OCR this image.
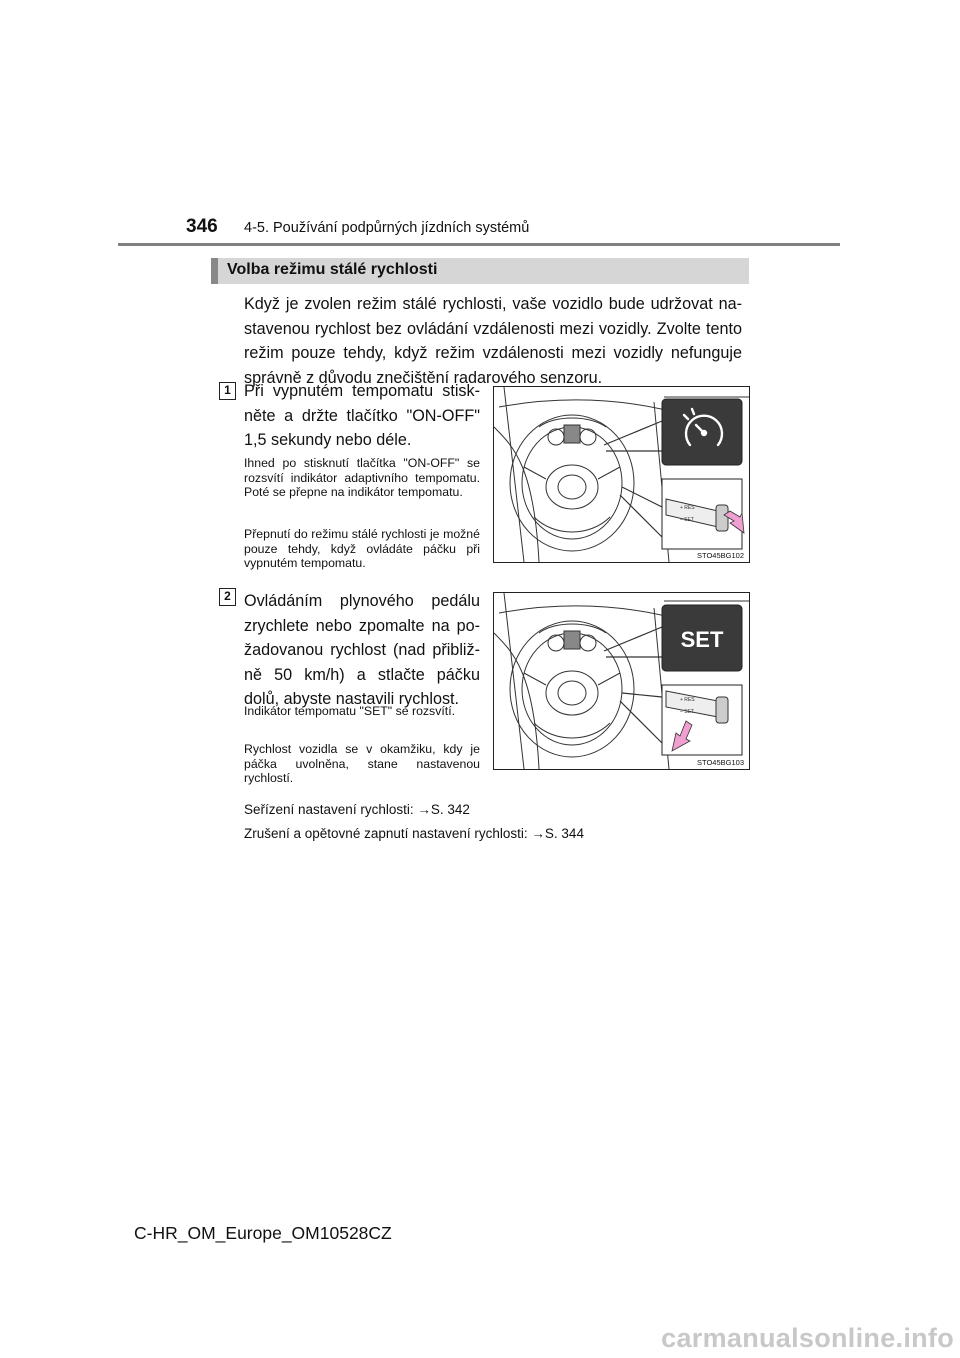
346 4-5. Používání podpůrných jízdních systémů
Volba režimu stálé rychlosti
Když je zvolen režim stálé rychlosti, vaše vozidlo bude udržovat nastavenou rychlost bez ovládání vzdálenosti mezi vozidly. Zvolte tento režim pouze tehdy, když režim vzdálenosti mezi vozidly nefunguje správně z důvodu znečištění radarového senzoru.
1 Při vypnutém tempomatu stiskněte a držte tlačítko "ON-OFF" 1,5 sekundy nebo déle.
Ihned po stisknutí tlačítka "ON-OFF" se rozsvítí indikátor adaptivního tempomatu. Poté se přepne na indikátor tempomatu.
Přepnutí do režimu stálé rychlosti je možné pouze tehdy, když ovládáte páčku při vypnutém tempomatu.
+ RES
– SET
STO45BG102
2 Ovládáním plynového pedálu zrychlete nebo zpomalte na požadovanou rychlost (nad přibližně 50 km/h) a stlačte páčku dolů, abyste nastavili rychlost.
Indikátor tempomatu "SET" se rozsvítí.
Rychlost vozidla se v okamžiku, kdy je páčka uvolněna, stane nastavenou rychlostí.
SET
+ RES
– SET
STO45BG103
Seřízení nastavení rychlosti: →S. 342
Zrušení a opětovné zapnutí nastavení rychlosti: →S. 344
C-HR_OM_Europe_OM10528CZ
carmanualsonline.info
